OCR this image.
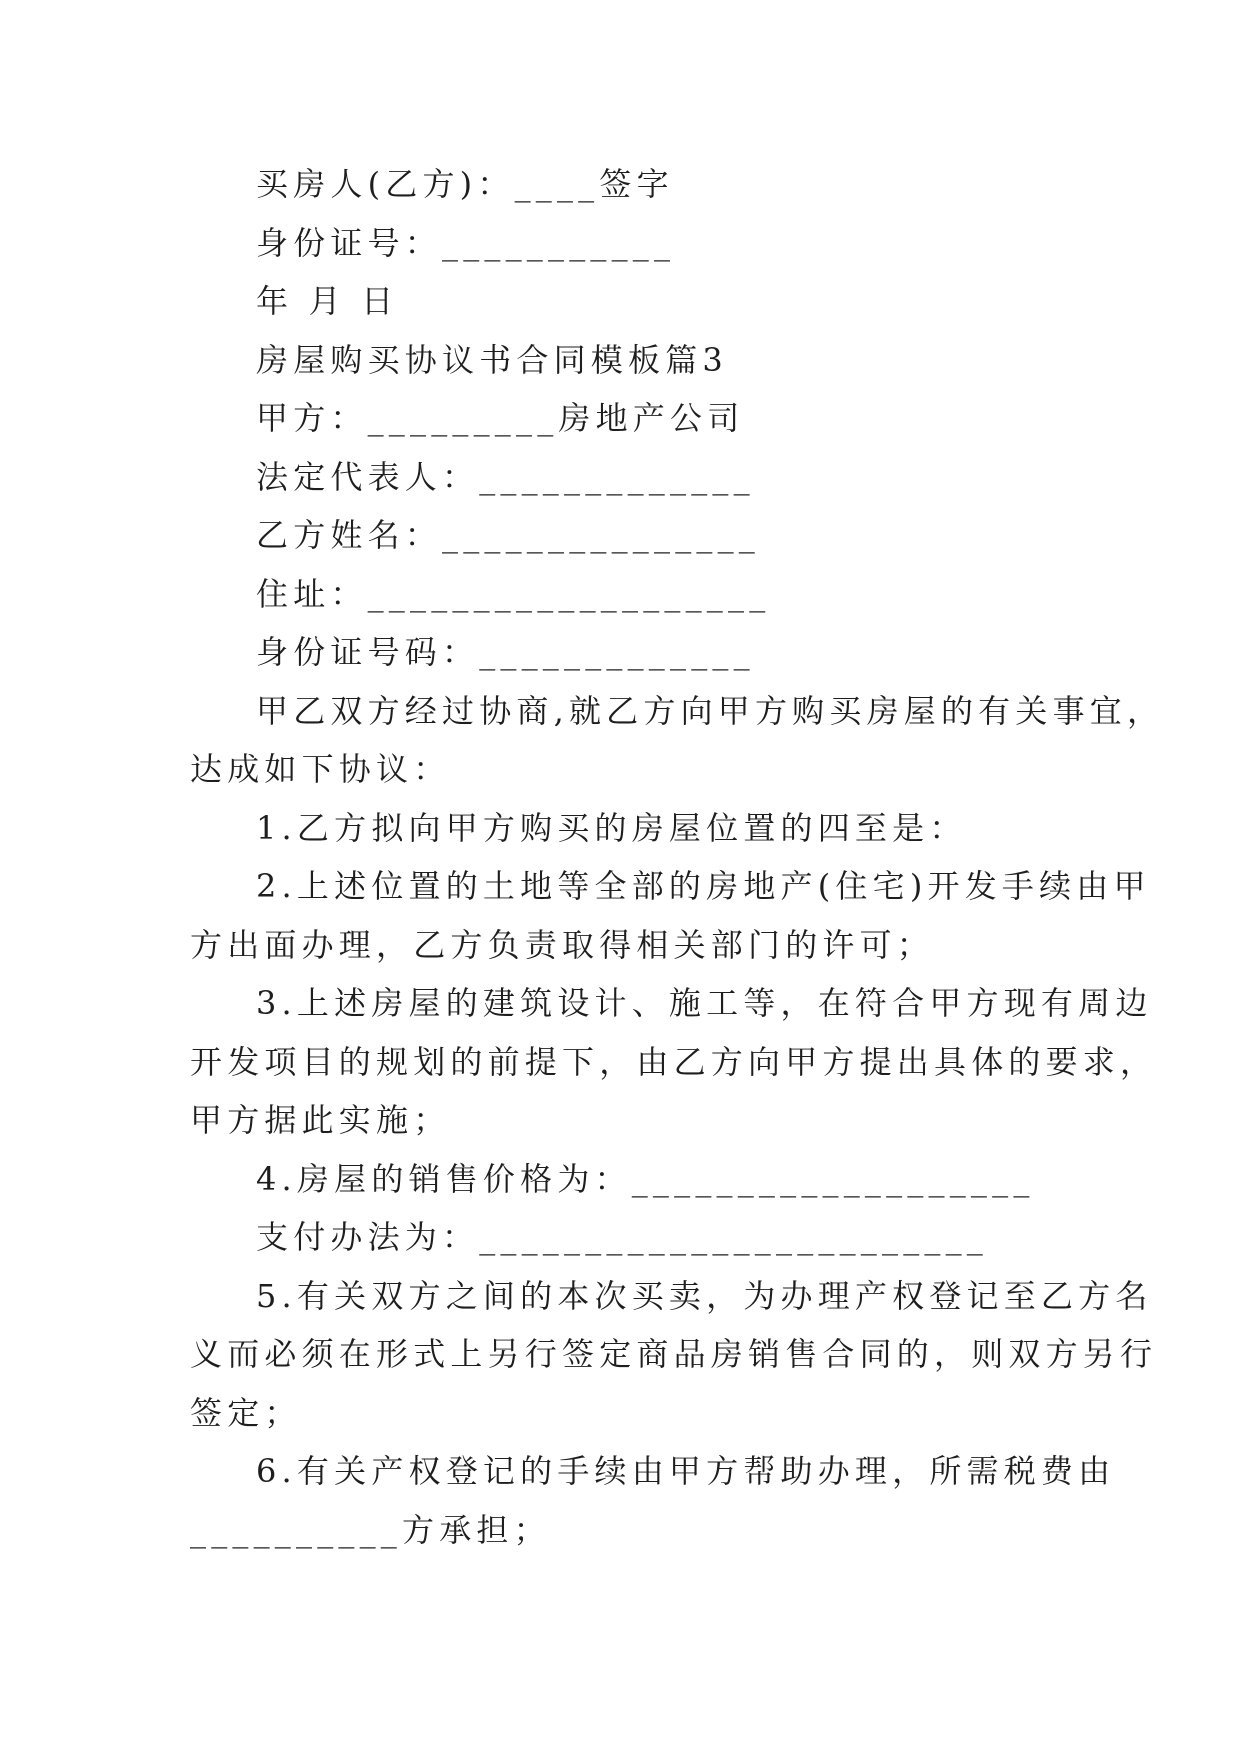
买房人(乙方)：____签字
身份证号：___________
年 月 日
房屋购买协议书合同模板篇3
甲方：_________房地产公司
法定代表人：_____________
乙方姓名：_______________
住址：___________________
身份证号码：_____________
甲乙双方经过协商,就乙方向甲方购买房屋的有关事宜，
达成如下协议：
1.乙方拟向甲方购买的房屋位置的四至是：
2.上述位置的土地等全部的房地产(住宅)开发手续由甲
方出面办理，乙方负责取得相关部门的许可；
3.上述房屋的建筑设计、施工等，在符合甲方现有周边
开发项目的规划的前提下，由乙方向甲方提出具体的要求，
甲方据此实施；
4.房屋的销售价格为：___________________
支付办法为：________________________
5.有关双方之间的本次买卖，为办理产权登记至乙方名
义而必须在形式上另行签定商品房销售合同的，则双方另行
签定；
6.有关产权登记的手续由甲方帮助办理，所需税费由
__________方承担；
